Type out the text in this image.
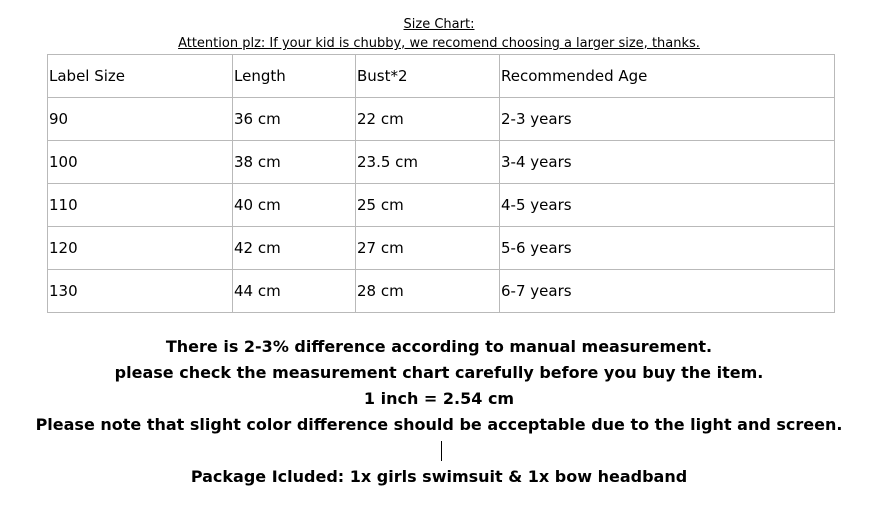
Size Chart:
Attention plz: If your kid is chubby, we recomend choosing a larger size, thanks.
Label Size	Length	Bust*2	Recommended Age
90	36 cm	22 cm	2-3 years
100	38 cm	23.5 cm	3-4 years
110	40 cm	25 cm	4-5 years
120	42 cm	27 cm	5-6 years
130	44 cm	28 cm	6-7 years
There is 2-3% difference according to manual measurement.
please check the measurement chart carefully before you buy the item.
1 inch = 2.54 cm
Please note that slight color difference should be acceptable due to the light and screen.
Package Icluded: 1x girls swimsuit & 1x bow headband
